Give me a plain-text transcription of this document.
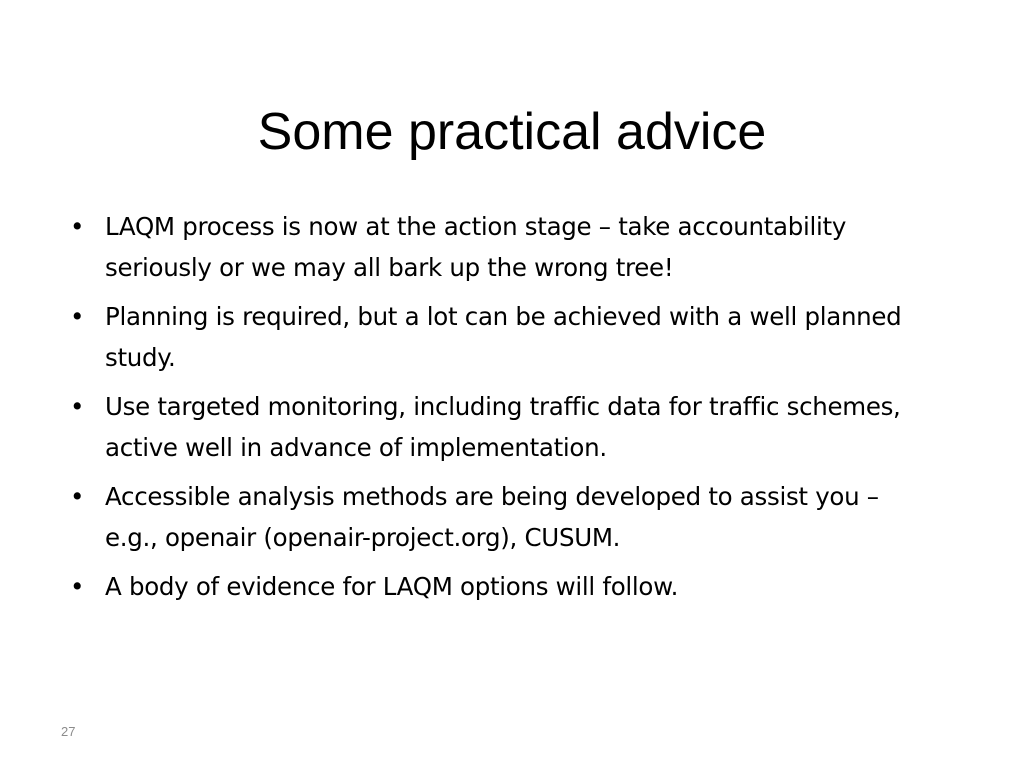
Some practical advice
• LAQM process is now at the action stage – take accountability seriously or we may all bark up the wrong tree!
• Planning is required, but a lot can be achieved with a well planned study.
• Use targeted monitoring, including traffic data for traffic schemes, active well in advance of implementation.
• Accessible analysis methods are being developed to assist you – e.g., openair (openair-project.org), CUSUM.
• A body of evidence for LAQM options will follow.
27
